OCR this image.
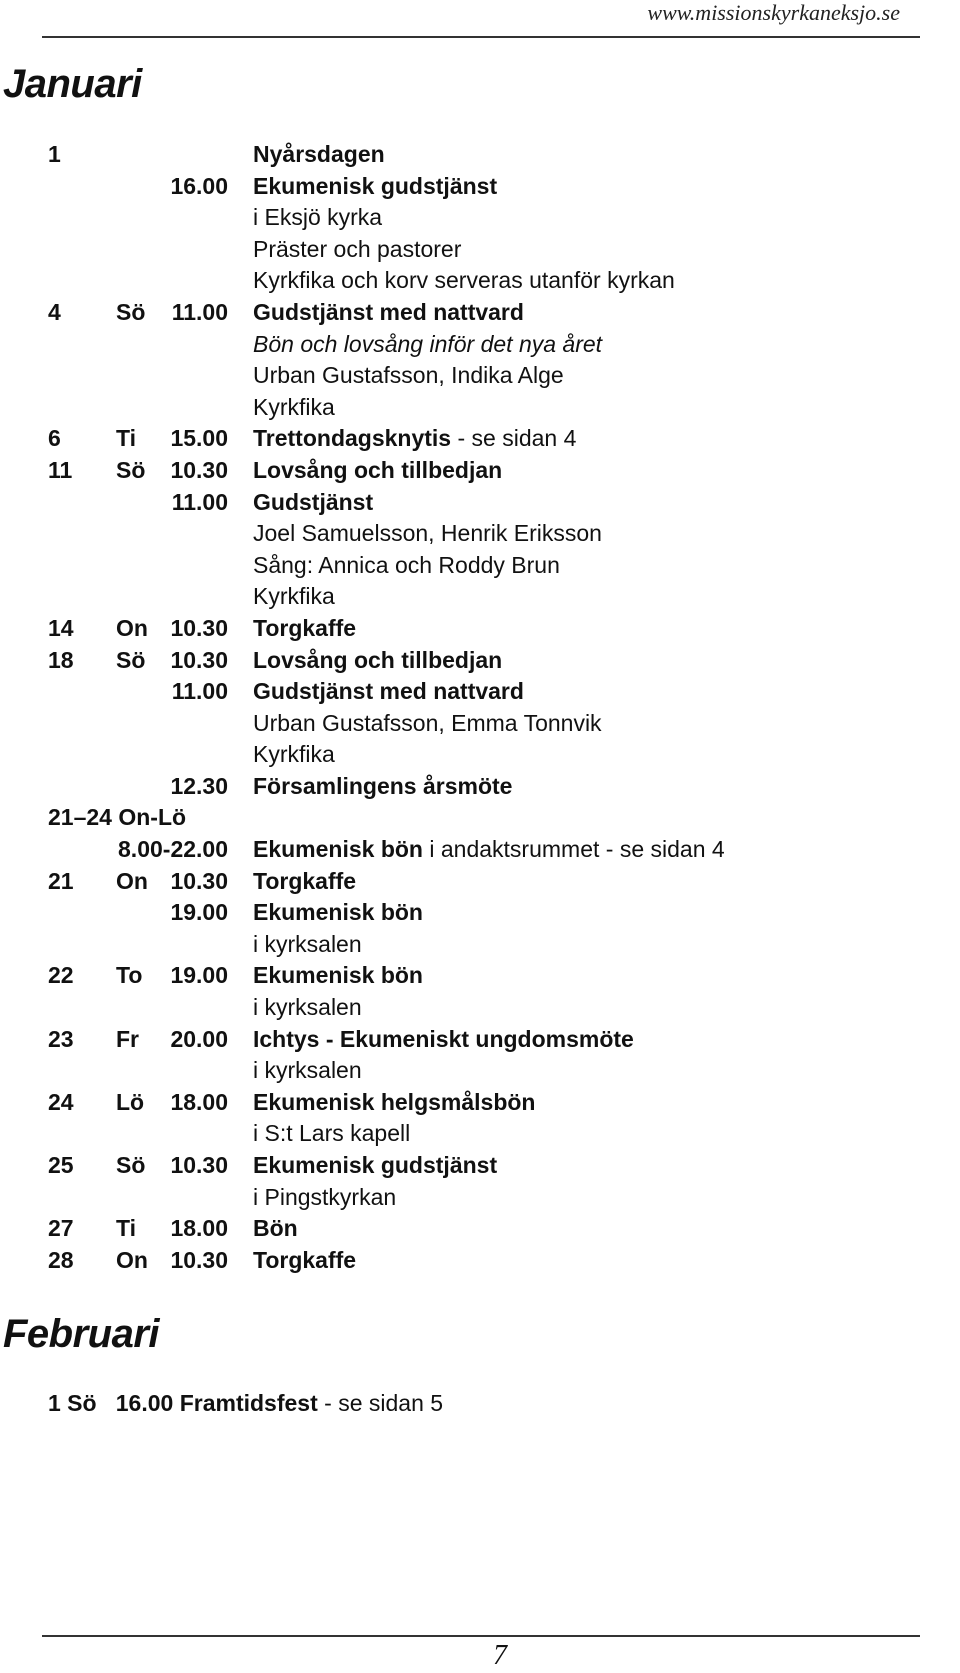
www.missionskyrkaneksjo.se
Januari
1	Nyårsdagen
16.00 Ekumenisk gudstjänst
i Eksjö kyrka
Präster och pastorer
Kyrkfika och korv serveras utanför kyrkan
4 Sö	11.00 Gudstjänst med nattvard
Bön och lovsång inför det nya året
Urban Gustafsson, Indika Alge
Kyrkfika
6 Ti	15.00 Trettondagsknytis - se sidan 4
11 Sö	10.30 Lovsång och tillbedjan
11.00 Gudstjänst
Joel Samuelsson, Henrik Eriksson
Sång: Annica och Roddy Brun
Kyrkfika
14 On 10.30 Torgkaffe
18 Sö	10.30 Lovsång och tillbedjan
11.00 Gudstjänst med nattvard
Urban Gustafsson, Emma Tonnvik
Kyrkfika
12.30 Församlingens årsmöte
21–24 On-Lö
8.00-22.00 Ekumenisk bön i andaktsrummet - se sidan 4
21 On 10.30 Torgkaffe
19.00 Ekumenisk bön
i kyrksalen
22 To	19.00 Ekumenisk bön
i kyrksalen
23 Fr	20.00 Ichtys - Ekumeniskt ungdomsmöte
i kyrksalen
24 Lö	18.00 Ekumenisk helgsmålsbön
i S:t Lars kapell
25 Sö	10.30 Ekumenisk gudstjänst
i Pingstkyrkan
27 Ti	18.00 Bön
28 On 10.30 Torgkaffe
Februari
1 Sö 16.00 Framtidsfest - se sidan 5
7
